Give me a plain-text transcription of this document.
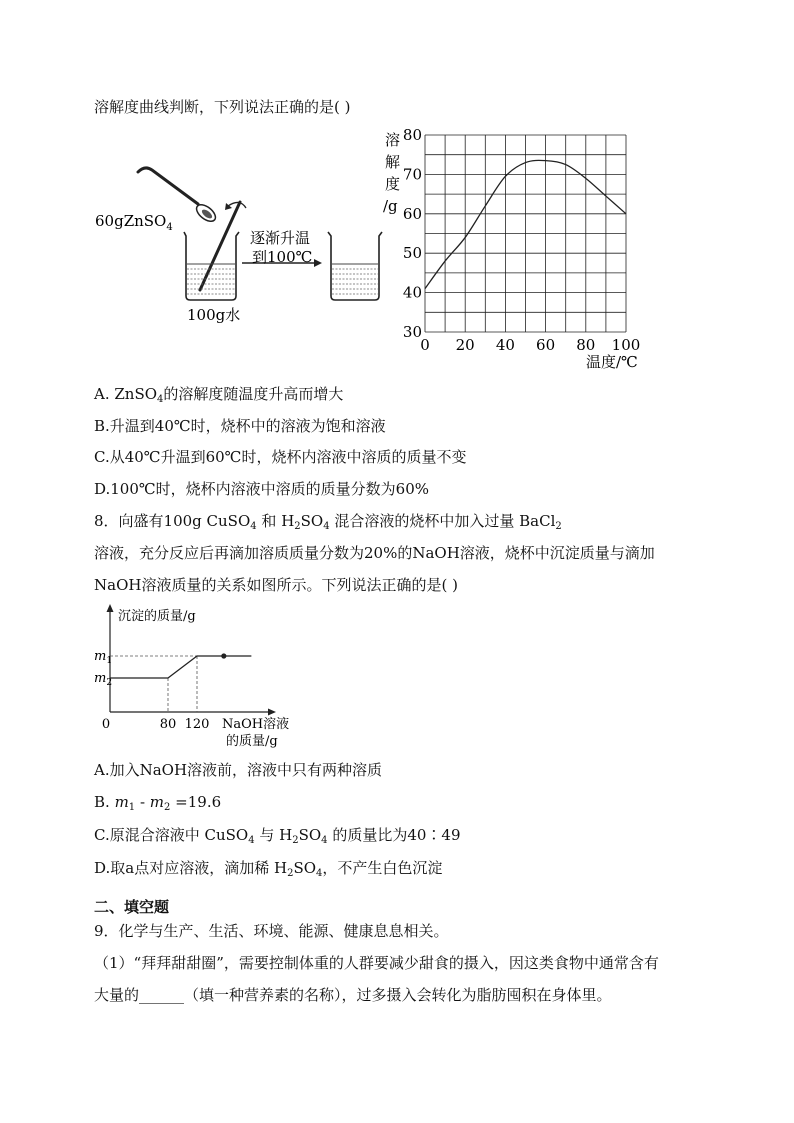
溶解度曲线判断，下列说法正确的是( )
60gZnSO$_4$
100g水
逐渐升温
到100℃
30
40
50
60
70
80
0 20 40 60 80 100
溶解度/g
温度/℃
A. ZnSO$_4$的溶解度随温度升高而增大
B.升温到40℃时，烧杯中的溶液为饱和溶液
C.从40℃升温到60℃时，烧杯内溶液中溶质的质量不变
D.100℃时，烧杯内溶液中溶质的质量分数为60%
8．向盛有100g CuSO$_4$ 和 $H_2SO_4$ 混合溶液的烧杯中加入过量 BaCl$_2$
溶液，充分反应后再滴加溶质质量分数为20%的NaOH溶液，烧杯中沉淀质量与滴加
NaOH溶液质量的关系如图所示。下列说法正确的是( )
0	80 120
$m_1$
$m_2$
沉淀的质量/g
NaOH溶液
的质量/g
A.加入NaOH溶液前，溶液中只有两种溶质
B. $m_1 - m_2 =19.6$
C.原混合溶液中 CuSO$_4$ 与 $H_2SO_4$ 的质量比为40∶49
D.取a点对应溶液，滴加稀 $H_2SO_4$，不产生白色沉淀
二、填空题
9．化学与生产、生活、环境、能源、健康息息相关。
（1）“拜拜甜甜圈”，需要控制体重的人群要减少甜食的摄入，因这类食物中通常含有
大量的______（填一种营养素的名称），过多摄入会转化为脂肪囤积在身体里。
